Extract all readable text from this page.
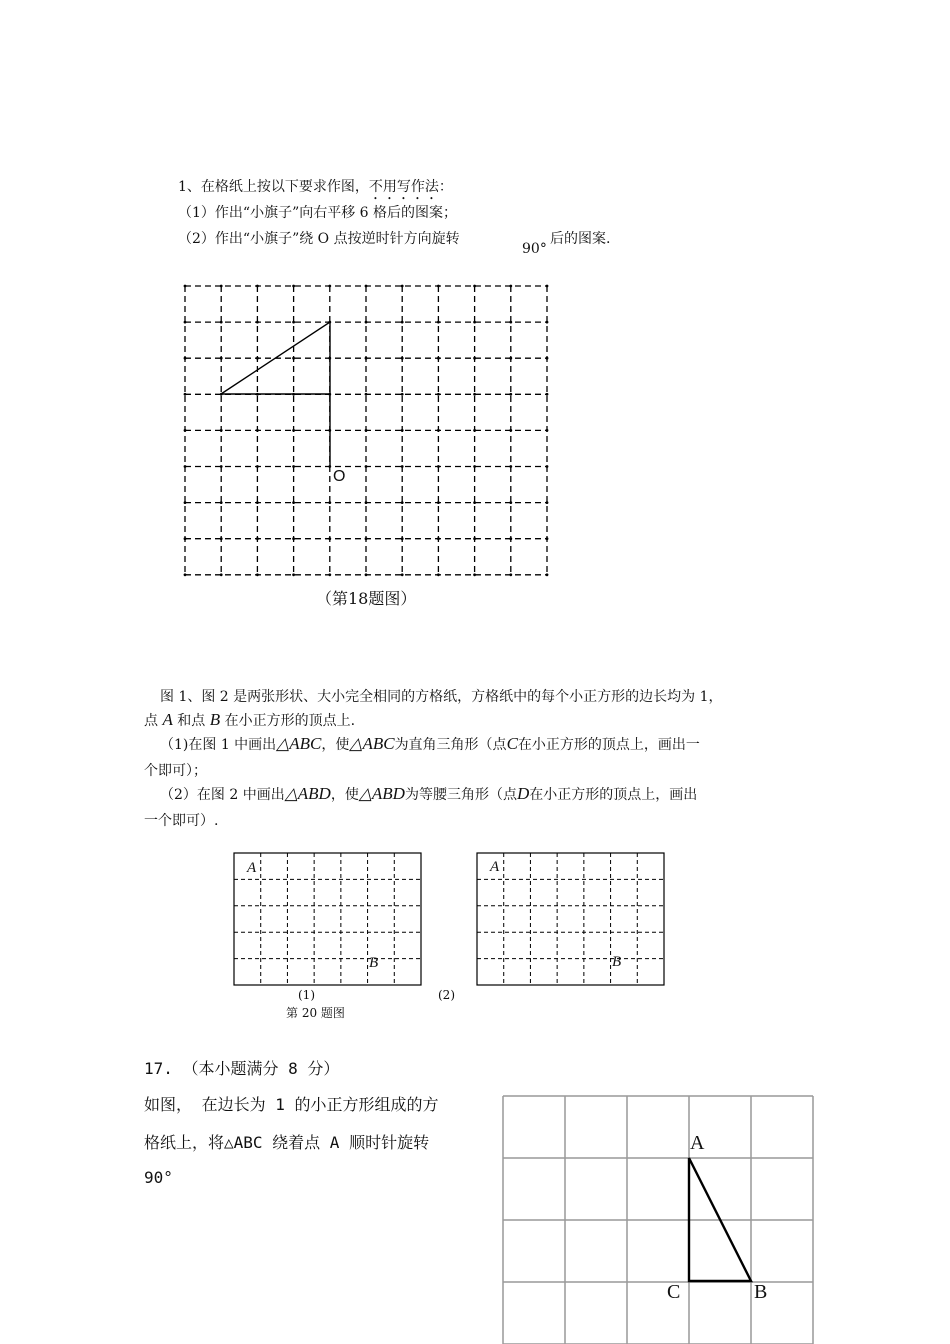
1、在格纸上按以下要求作图，不用写作法：
（1）作出“小旗子”向右平移 6 格后的图案；
（2）作出“小旗子”绕 O 点按逆时针方向旋转
90°
后的图案.
O
（第18题图）
图 1、图 2 是两张形状、大小完全相同的方格纸，方格纸中的每个小正方形的边长均为 1，
点 A 和点 B 在小正方形的顶点上.
（1)在图 1 中画出△ABC，使△ABC为直角三角形（点C在小正方形的顶点上，画出一
个即可）；
（2）在图 2 中画出△ABD，使△ABD为等腰三角形（点D在小正方形的顶点上，画出
一个即可）.
A
B
A
B
(1)	(2)
第 20 题图
17. （本小题满分 8 分）
如图， 在边长为 1 的小正方形组成的方
格纸上，将△ABC 绕着点 A 顺时针旋转
90°
A
B
C
